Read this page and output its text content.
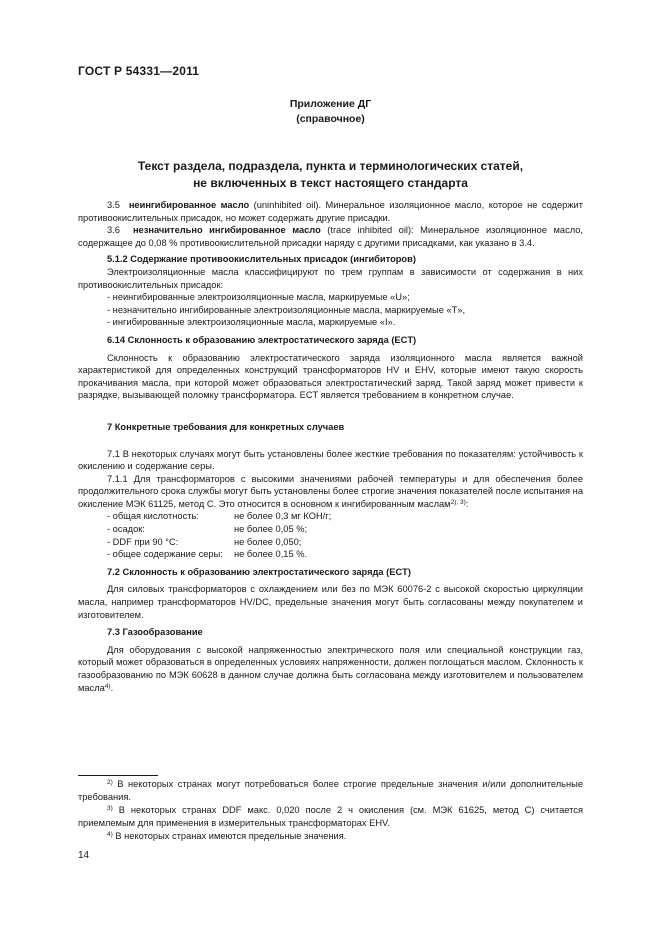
ГОСТ Р 54331—2011
Приложение ДГ
(справочное)
Текст раздела, подраздела, пункта и терминологических статей,
не включенных в текст настоящего стандарта

3.5 неингибированное масло (uninhibited oil). Минеральное изоляционное масло, которое не содержит противоокислительных присадок, но может содержать другие присадки.

3.6 незначительно ингибированное масло (trace inhibited oil): Минеральное изоляционное масло, содержащее до 0,08 % противоокислительной присадки наряду с другими присадками, как указано в 3.4.

5.1.2 Содержание противоокислительных присадок (ингибиторов)

Электроизоляционные масла классифицируют по трем группам в зависимости от содержания в них противоокислительных присадок:

- неингибированные электроизоляционные масла, маркируемые «U»;

- незначительно ингибированные электроизоляционные масла, маркируемые «T»,

- ингибированные электроизоляционные масла, маркируемые «I».

6.14 Склонность к образованию электростатического заряда (ECT)

Склонность к образованию электростатического заряда изоляционного масла является важной характеристикой для определенных конструкций трансформаторов HV и EHV, которые имеют такую скорость прокачивания масла, при которой может образоваться электростатический заряд. Такой заряд может привести к разрядке, вызывающей поломку трансформатора. ECT является требованием в конкретном случае.

7 Конкретные требования для конкретных случаев

7.1 В некоторых случаях могут быть установлены более жесткие требования по показателям: устойчивость к окислению и содержание серы.

7.1.1 Для трансформаторов с высокими значениями рабочей температуры и для обеспечения более продолжительного срока службы могут быть установлены более строгие значения показателей после испытания на окисление МЭК 61125, метод С. Это относится в основном к ингибированным маслам$^{2), 3)}$:

- общая кислотность:	не более 0,3 мг КОН/г;

- осадок:	не более 0,05 %;

- DDF при 90 °C:	не более 0,050;

- общее содержание серы: не более 0,15 %.

7.2 Склонность к образованию электростатического заряда (ECT)

Для силовых трансформаторов с охлаждением или без по МЭК 60076-2 с высокой скоростью циркуляции масла, например трансформаторов HV/DC, предельные значения могут быть согласованы между покупателем и изготовителем.

7.3 Газообразование

Для оборудования с высокой напряженностью электрического поля или специальной конструкции газ, который может образоваться в определенных условиях напряженности, должен поглощаться маслом. Склонность к газообразованию по МЭК 60628 в данном случае должна быть согласована между изготовителем и пользователем масла$^{4)}$.

$^{2)}$ В некоторых странах могут потребоваться более строгие предельные значения и/или дополнительные требования.

$^{3)}$ В некоторых странах DDF макс. 0,020 после 2 ч окисления (см. МЭК 61625, метод С) считается приемлемым для применения в измерительных трансформаторах EHV.

$^{4)}$ В некоторых странах имеются предельные значения.

14
